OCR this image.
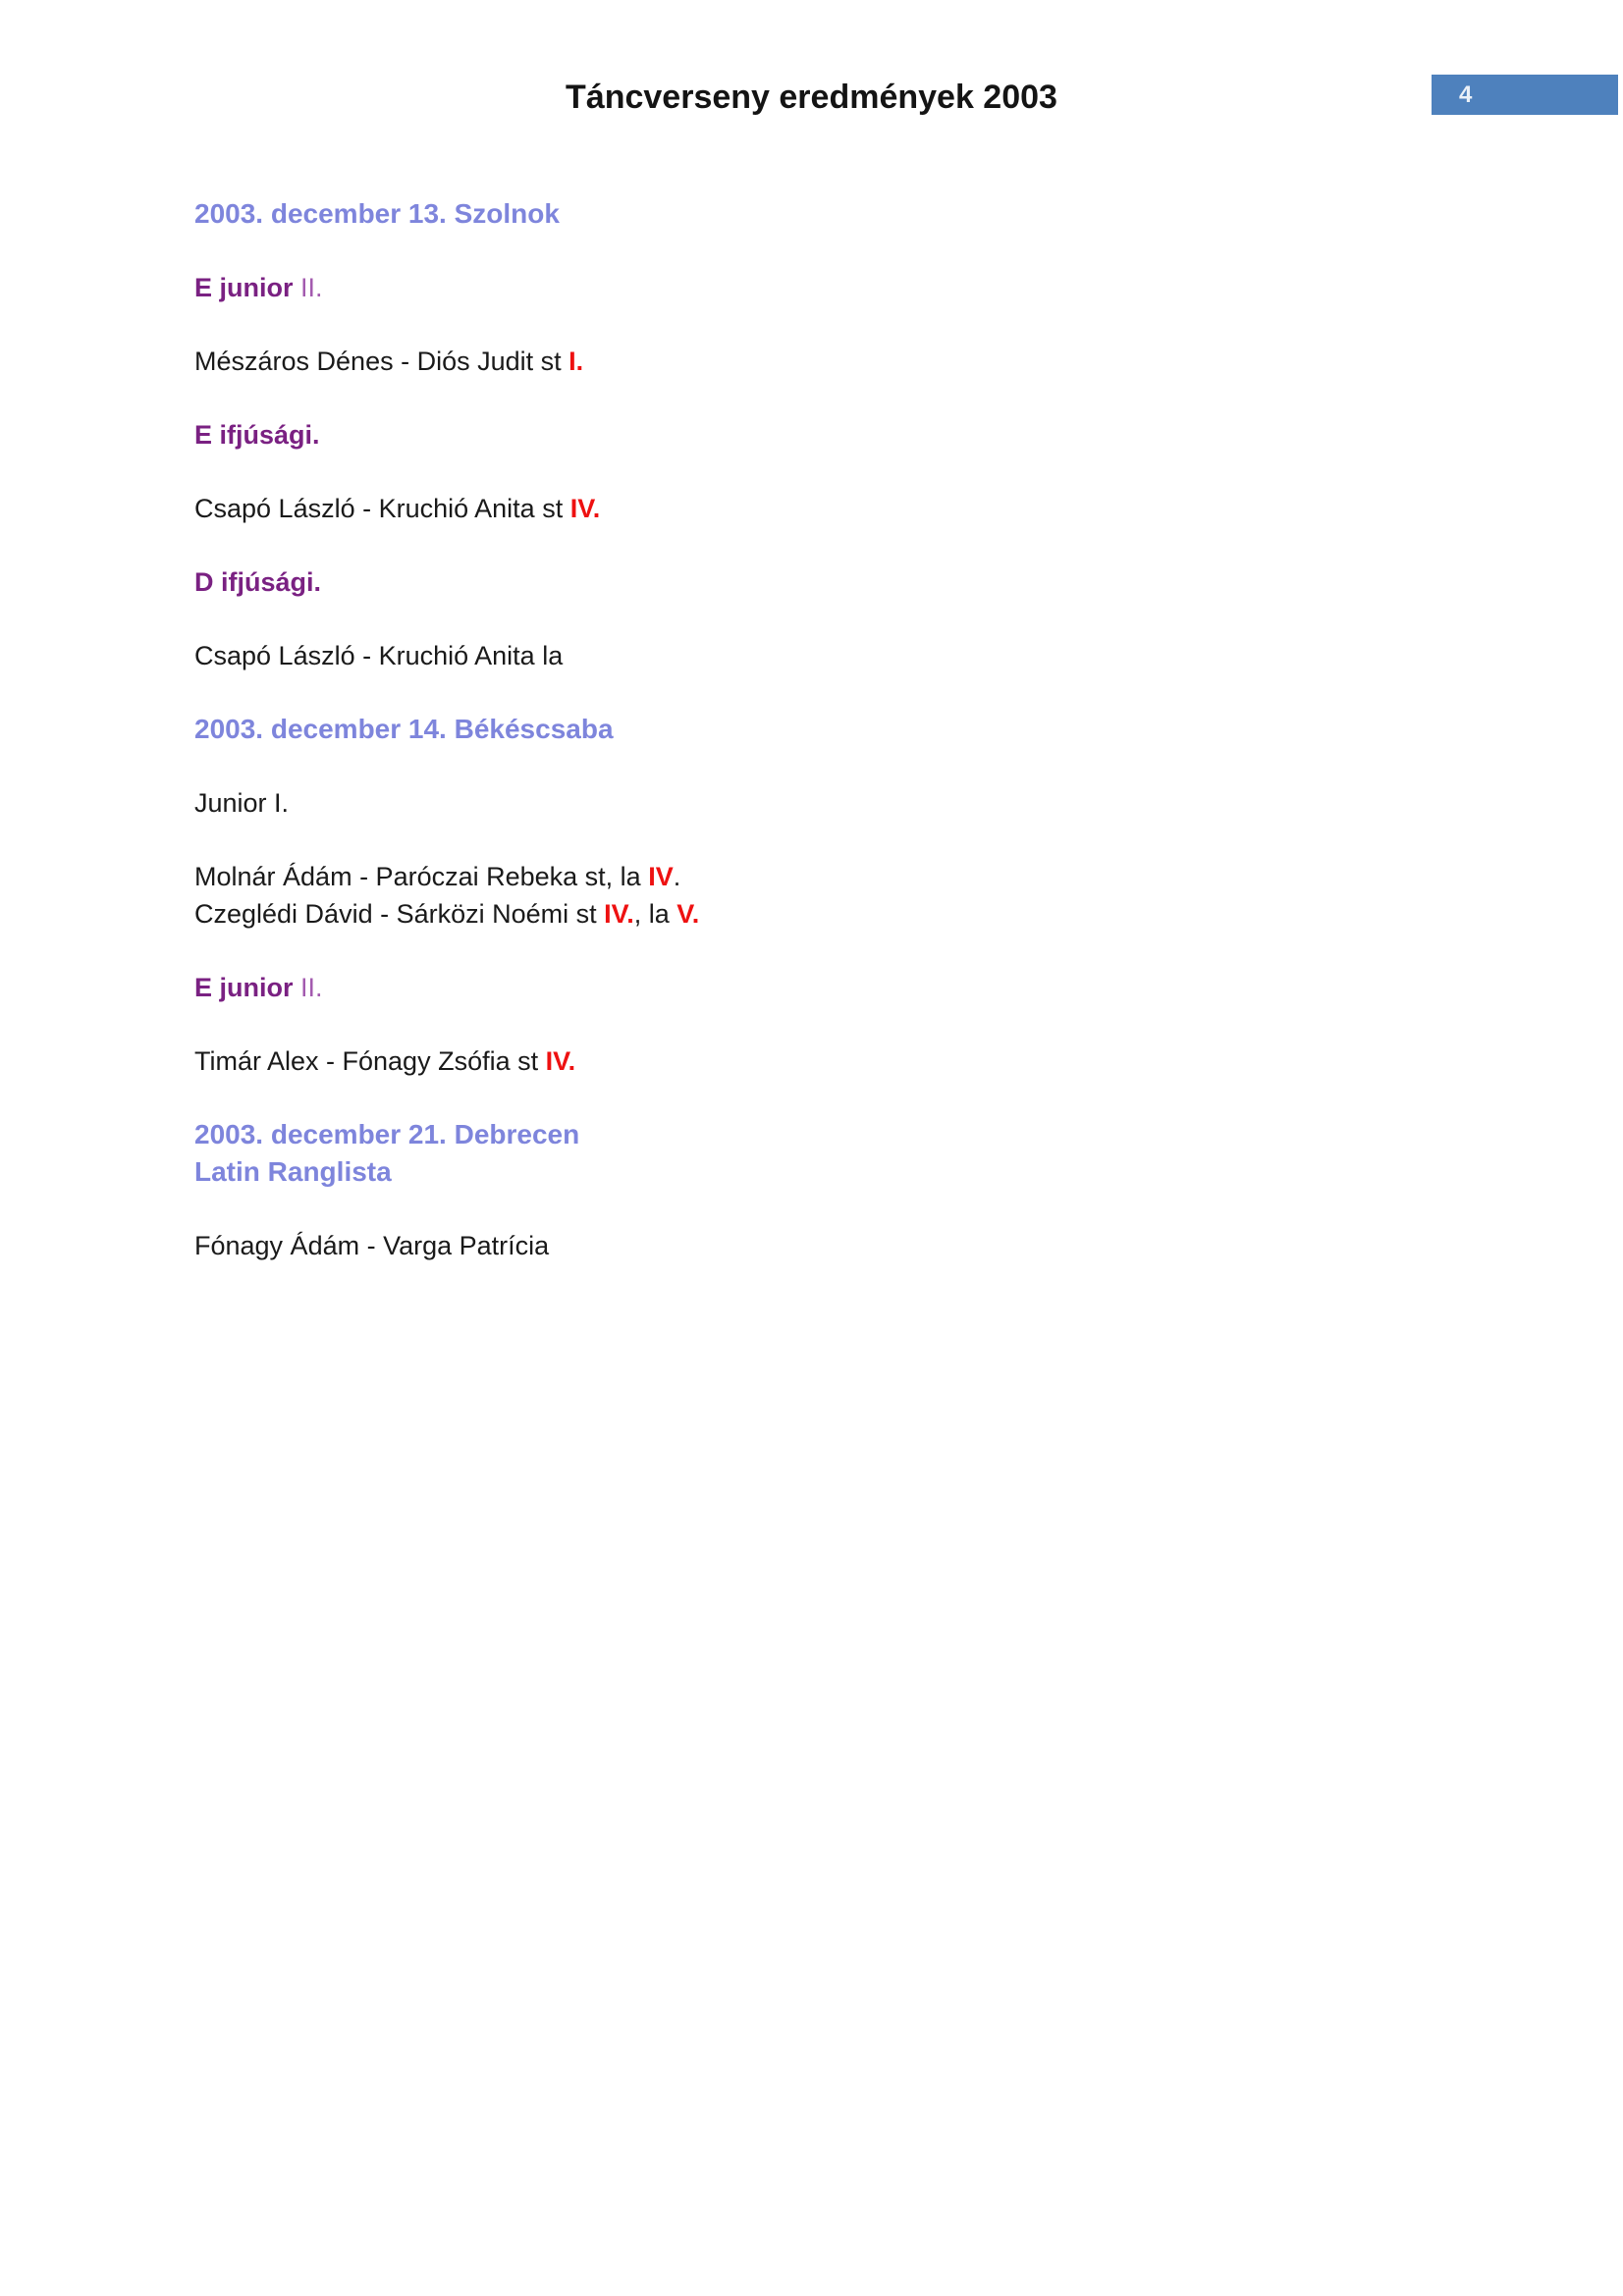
Táncverseny eredmények 2003	4
2003. december 13. Szolnok
E junior II.
Mészáros Dénes - Diós Judit st I.
E ifjúsági.
Csapó László - Kruchió Anita st IV.
D ifjúsági.
Csapó László - Kruchió Anita la
2003. december 14. Békéscsaba
Junior I.
Molnár Ádám - Paróczai Rebeka st, la IV.
Czeglédi Dávid - Sárközi Noémi st IV., la V.
E junior II.
Timár Alex - Fónagy Zsófia st IV.
2003. december 21. Debrecen
Latin Ranglista
Fónagy Ádám - Varga Patrícia
